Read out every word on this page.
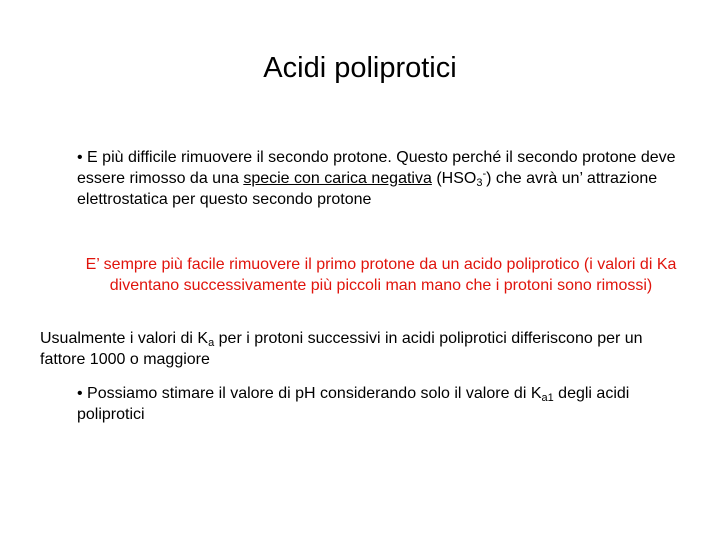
Acidi poliprotici
• E più difficile rimuovere il secondo protone. Questo perché il secondo protone deve essere rimosso da una specie con carica negativa $(HSO_3^-)$ che avrà un’ attrazione elettrostatica per questo secondo protone
E’ sempre più facile rimuovere il primo protone da un acido poliprotico (i valori di Ka diventano successivamente più piccoli man mano che i protoni sono rimossi)
Usualmente i valori di $K_a$ per i protoni successivi in acidi poliprotici differiscono per un fattore 1000 o maggiore
• Possiamo stimare il valore di pH considerando solo il valore di $K_{a1}$ degli acidi poliprotici
